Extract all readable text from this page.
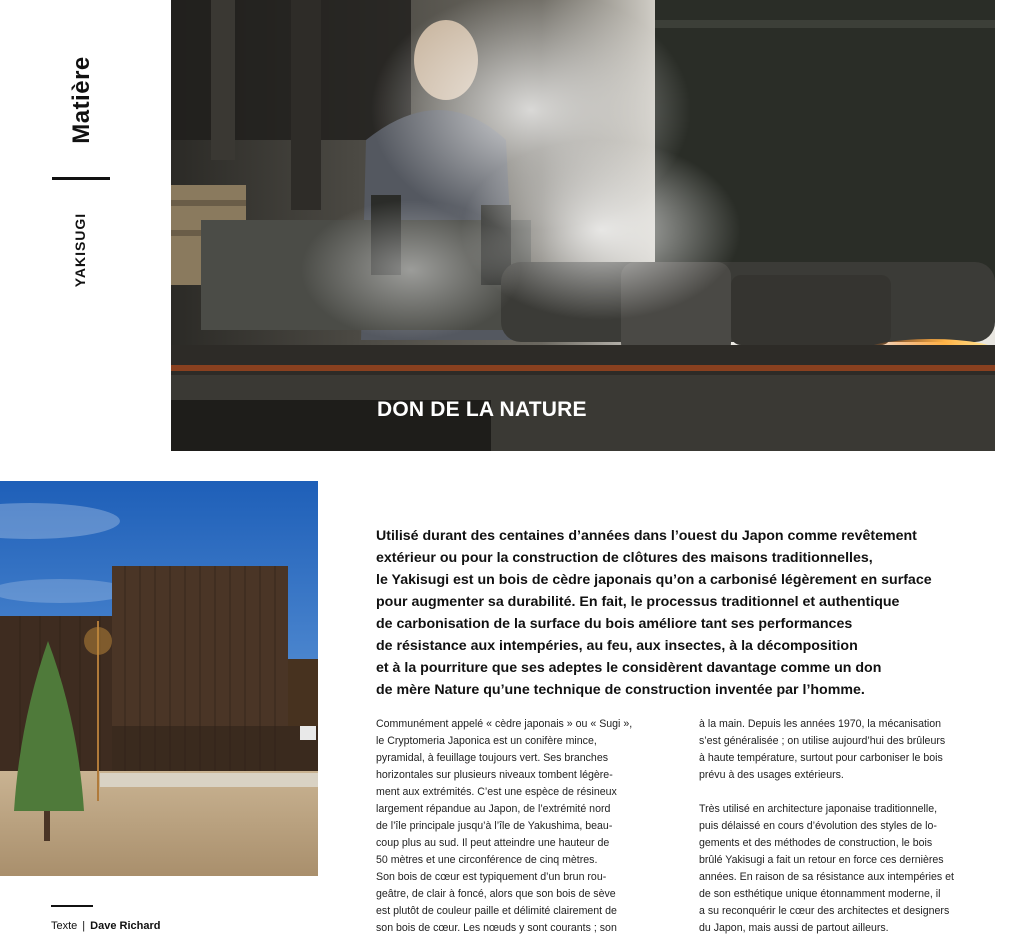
Matière
YAKISUGI
DON DE LA NATURE
Texte | Dave Richard
Utilisé durant des centaines d’années dans l’ouest du Japon comme revêtement
extérieur ou pour la construction de clôtures des maisons traditionnelles,
le Yakisugi est un bois de cèdre japonais qu’on a carbonisé légèrement en surface
pour augmenter sa durabilité. En fait, le processus traditionnel et authentique
de carbonisation de la surface du bois améliore tant ses performances
de résistance aux intempéries, au feu, aux insectes, à la décomposition
et à la pourriture que ses adeptes le considèrent davantage comme un don
de mère Nature qu’une technique de construction inventée par l’homme.
Communément appelé « cèdre japonais » ou « Sugi »,
le Cryptomeria Japonica est un conifère mince,
pyramidal, à feuillage toujours vert. Ses branches
horizontales sur plusieurs niveaux tombent légère-
ment aux extrémités. C’est une espèce de résineux
largement répandue au Japon, de l’extrémité nord
de l’île principale jusqu’à l’île de Yakushima, beau-
coup plus au sud. Il peut atteindre une hauteur de
50 mètres et une circonférence de cinq mètres.
Son bois de cœur est typiquement d’un brun rou-
geâtre, de clair à foncé, alors que son bois de sève
est plutôt de couleur paille et délimité clairement de
son bois de cœur. Les nœuds y sont courants ; son
à la main. Depuis les années 1970, la mécanisation
s’est généralisée ; on utilise aujourd’hui des brûleurs
à haute température, surtout pour carboniser le bois
prévu à des usages extérieurs.
Très utilisé en architecture japonaise traditionnelle,
puis délaissé en cours d’évolution des styles de lo-
gements et des méthodes de construction, le bois
brûlé Yakisugi a fait un retour en force ces dernières
années. En raison de sa résistance aux intempéries et
de son esthétique unique étonnamment moderne, il
a su reconquérir le cœur des architectes et designers
du Japon, mais aussi de partout ailleurs.
